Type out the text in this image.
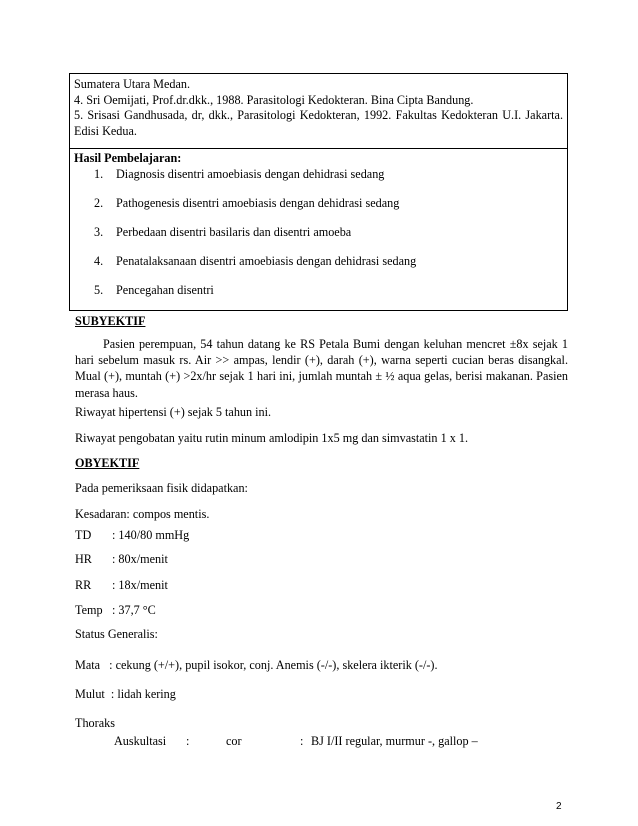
Sumatera Utara Medan.
4. Sri Oemijati, Prof.dr.dkk., 1988. Parasitologi Kedokteran. Bina Cipta Bandung.
5. Srisasi Gandhusada, dr, dkk., Parasitologi Kedokteran, 1992. Fakultas Kedokteran U.I. Jakarta. Edisi Kedua.
Hasil Pembelajaran:
1. Diagnosis disentri amoebiasis dengan dehidrasi sedang
2. Pathogenesis disentri amoebiasis dengan dehidrasi sedang
3. Perbedaan disentri basilaris dan disentri amoeba
4. Penatalaksanaan disentri amoebiasis dengan dehidrasi sedang
5. Pencegahan disentri
SUBYEKTIF
Pasien perempuan, 54 tahun datang ke RS Petala Bumi dengan keluhan mencret ±8x sejak 1 hari sebelum masuk rs. Air >> ampas, lendir (+), darah (+), warna seperti cucian beras disangkal. Mual (+), muntah (+) >2x/hr sejak 1 hari ini, jumlah muntah ± ½ aqua gelas, berisi makanan. Pasien merasa haus.
Riwayat hipertensi (+) sejak 5 tahun ini.
Riwayat pengobatan yaitu rutin minum amlodipin 1x5 mg dan simvastatin 1 x 1.
OBYEKTIF
Pada pemeriksaan fisik didapatkan:
Kesadaran: compos mentis.
TD	: 140/80 mmHg
HR	: 80x/menit
RR	: 18x/menit
Temp : 37,7 °C
Status Generalis:
Mata   : cekung (+/+), pupil isokor, conj. Anemis (-/-), skelera ikterik (-/-).
Mulut  : lidah kering
Thoraks
Auskultasi	:	cor	: BJ I/II regular, murmur -, gallop –
2
